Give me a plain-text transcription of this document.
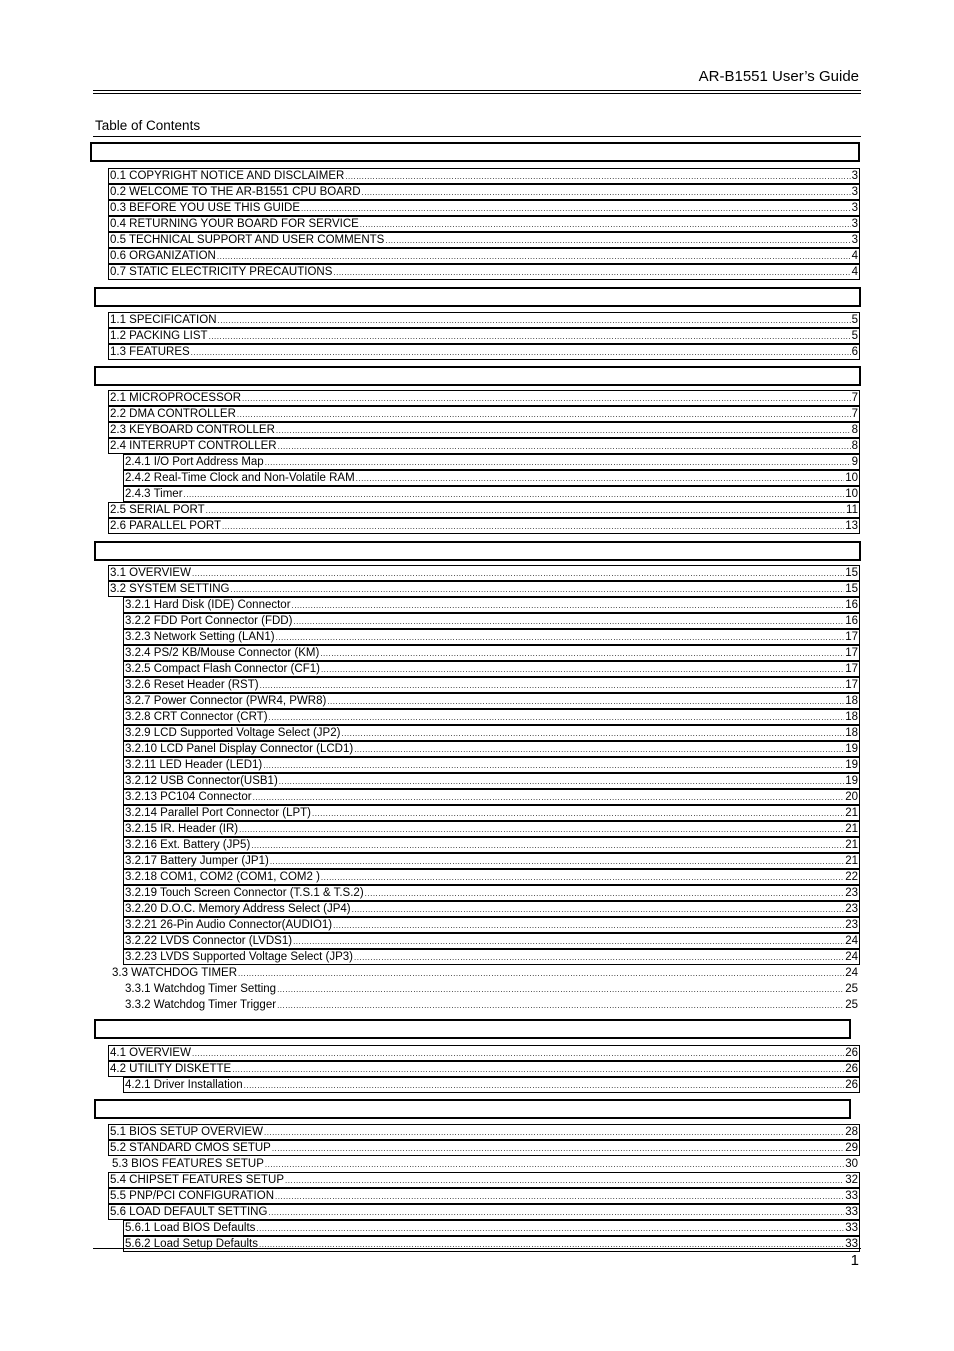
AR-B1551 User’s Guide
Table of Contents
0.1 COPYRIGHT NOTICE AND DISCLAIMER .....	3
0.2 WELCOME TO THE AR-B1551 CPU BOARD .....	3
0.3 BEFORE YOU USE THIS GUIDE .....	3
0.4 RETURNING YOUR BOARD FOR SERVICE .....	3
0.5 TECHNICAL SUPPORT AND USER COMMENTS .....	3
0.6 ORGANIZATION .....	4
0.7 STATIC ELECTRICITY PRECAUTIONS .....	4
1.1 SPECIFICATION .....	5
1.2 PACKING LIST .....	5
1.3 FEATURES .....	6
2.1 MICROPROCESSOR .....	7
2.2 DMA CONTROLLER .....	7
2.3 KEYBOARD CONTROLLER .....	8
2.4 INTERRUPT CONTROLLER .....	8
2.4.1 I/O Port Address Map .....	9
2.4.2 Real-Time Clock and Non-Volatile RAM .....	10
2.4.3 Timer .....	10
2.5 SERIAL PORT .....	11
2.6 PARALLEL PORT .....	13
3.1 OVERVIEW .....	15
3.2 SYSTEM SETTING .....	15
3.2.1 Hard Disk (IDE) Connector .....	16
3.2.2 FDD Port Connector (FDD) .....	16
3.2.3 Network Setting (LAN1) .....	17
3.2.4 PS/2 KB/Mouse Connector (KM) .....	17
3.2.5 Compact Flash Connector (CF1) .....	17
3.2.6 Reset Header (RST) .....	17
3.2.7 Power Connector (PWR4, PWR8) .....	18
3.2.8 CRT Connector (CRT) .....	18
3.2.9 LCD Supported Voltage Select (JP2) .....	18
3.2.10 LCD Panel Display Connector (LCD1) .....	19
3.2.11 LED Header (LED1) .....	19
3.2.12 USB Connector(USB1) .....	19
3.2.13 PC104 Connector .....	20
3.2.14 Parallel Port Connector (LPT) .....	21
3.2.15 IR. Header (IR) .....	21
3.2.16 Ext. Battery (JP5) .....	21
3.2.17 Battery Jumper (JP1) .....	21
3.2.18 COM1, COM2 (COM1, COM2 ) .....	22
3.2.19 Touch Screen Connector (T.S.1 & T.S.2) .....	23
3.2.20 D.O.C. Memory Address Select (JP4) .....	23
3.2.21 26-Pin Audio Connector(AUDIO1) .....	23
3.2.22 LVDS Connector (LVDS1) .....	24
3.2.23 LVDS Supported Voltage Select (JP3) .....	24
3.3 WATCHDOG TIMER .....	24
3.3.1 Watchdog Timer Setting .....	25
3.3.2 Watchdog Timer Trigger .....	25
4.1 OVERVIEW .....	26
4.2 UTILITY DISKETTE .....	26
4.2.1 Driver Installation .....	26
5.1 BIOS SETUP OVERVIEW .....	28
5.2 STANDARD CMOS SETUP .....	29
5.3 BIOS FEATURES SETUP .....	30
5.4 CHIPSET FEATURES SETUP .....	32
5.5 PNP/PCI CONFIGURATION .....	33
5.6 LOAD DEFAULT SETTING .....	33
5.6.1 Load BIOS Defaults .....	33
5.6.2 Load Setup Defaults .....	33
1
